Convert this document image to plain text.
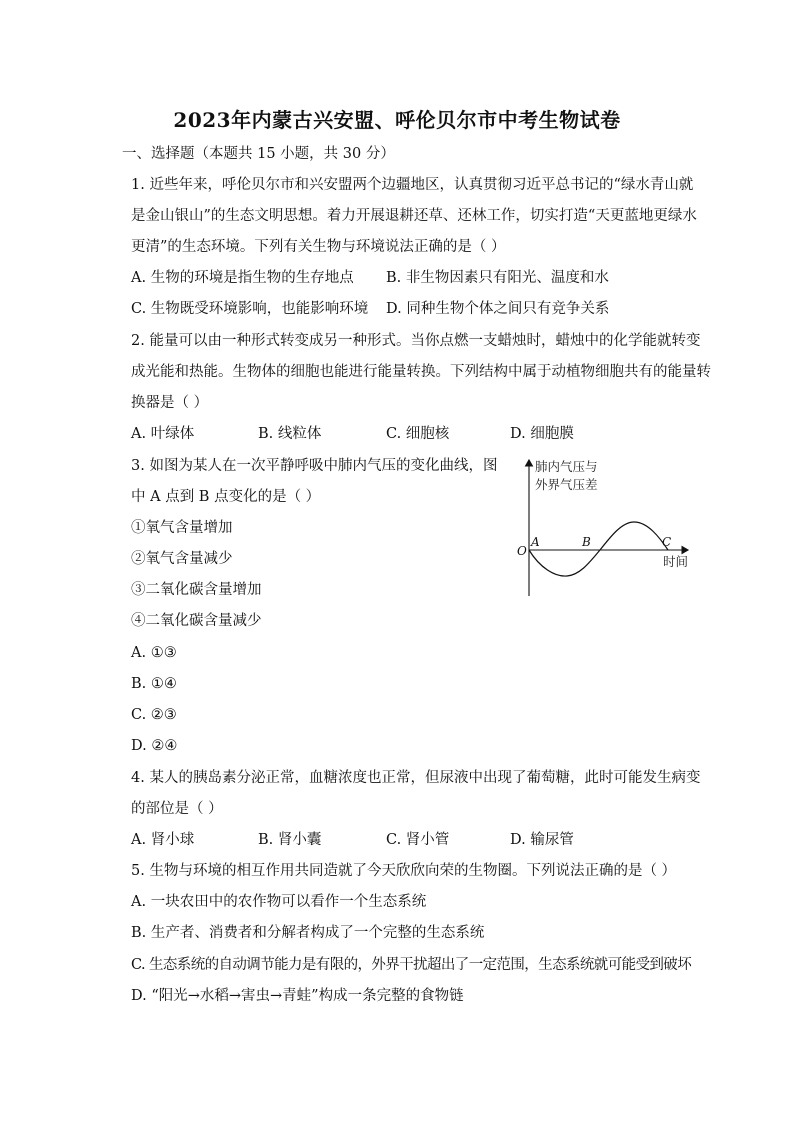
2023年内蒙古兴安盟、呼伦贝尔市中考生物试卷
一、选择题（本题共 15 小题，共 30 分）
1. 近些年来，呼伦贝尔市和兴安盟两个边疆地区，认真贯彻习近平总书记的“绿水青山就
是金山银山”的生态文明思想。着力开展退耕还草、还林工作，切实打造“天更蓝地更绿水
更清”的生态环境。下列有关生物与环境说法正确的是（ ）
A. 生物的环境是指生物的生存地点 B. 非生物因素只有阳光、温度和水
C. 生物既受环境影响，也能影响环境 D. 同种生物个体之间只有竞争关系
2. 能量可以由一种形式转变成另一种形式。当你点燃一支蜡烛时，蜡烛中的化学能就转变
成光能和热能。生物体的细胞也能进行能量转换。下列结构中属于动植物细胞共有的能量转
换器是（ ）
A. 叶绿体	B. 线粒体	C. 细胞核	D. 细胞膜
3. 如图为某人在一次平静呼吸中肺内气压的变化曲线，图
中 A 点到 B 点变化的是（ ）
①氧气含量增加
②氧气含量减少
③二氧化碳含量增加
④二氧化碳含量减少
A. ①③
B. ①④
C. ②③
D. ②④
肺内气压与
外界气压差
O
A	B	C
时间
4. 某人的胰岛素分泌正常，血糖浓度也正常，但尿液中出现了葡萄糖，此时可能发生病变
的部位是（ ）
A. 肾小球	B. 肾小囊	C. 肾小管	D. 输尿管
5. 生物与环境的相互作用共同造就了今天欣欣向荣的生物圈。下列说法正确的是（ ）
A. 一块农田中的农作物可以看作一个生态系统
B. 生产者、消费者和分解者构成了一个完整的生态系统
C. 生态系统的自动调节能力是有限的，外界干扰超出了一定范围，生态系统就可能受到破坏
D. “阳光→水稻→害虫→青蛙”构成一条完整的食物链
